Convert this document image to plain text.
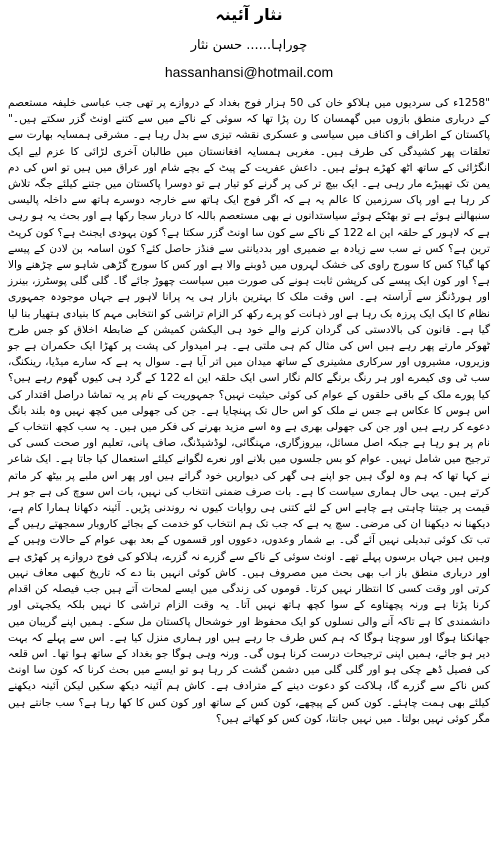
نثار آئینہ
چوراہا...... حسن نثار
hassanhansi@hotmail.com

"1258ء کی سردیوں میں ہلاکو خان کی 50 ہزار فوج بغداد کے دروازے پر تھی جب عباسی خلیفہ مستعصم کے درباری منطق بازوں میں گھمسان کا رن پڑا تھا کہ سوئی کے ناکے میں سے کتنے اونٹ گزر سکتے ہیں۔" پاکستان کے اطراف و اکناف میں سیاسی و عسکری نقشہ تیزی سے بدل رہا ہے۔ مشرقی ہمسایہ بھارت سے تعلقات پھر کشیدگی کی طرف ہیں۔ مغربی ہمسایہ افغانستان میں طالبان آخری لڑائی کا عزم لیے ایک انگڑائی کے ساتھ اٹھ کھڑے ہوئے ہیں۔ داعش عفریت کے پیٹ کے بچے شام اور عراق میں ہیں تو اس کی دم یمن تک تھپیڑے مار رہی ہے۔ ایک بیچ تر کی پر گرنے کو تیار ہے تو دوسرا پاکستان میں جتنے کیلئے جگہ تلاش کر رہا ہے اور پاک سرزمین کا عالم یہ ہے کہ اگر فوج ایک ہاتھ سے خارجہ دوسرے ہاتھ سے داخلہ پالیسی سنبھالنے ہوئے ہے تو بھٹکے ہوئے سیاستدانوں نے بھی مستعصم باللہ کا دربار سجا رکھا ہے اور بحث یہ ہو رہی ہے کہ لاہور کے حلقہ این اے 122 کے ناکے سے کون سا اونٹ گزر سکتا ہے؟ کون یہودی ایجنٹ ہے؟ کون کرپٹ ترین ہے؟ کس نے سب سے زیادہ بے ضمیری اور بددیانتی سے فنڈز حاصل کئے؟ کون اسامہ بن لادن کے پیسے کھا گیا؟ کس کا سورج راوی کی خشک لہروں میں ڈوبنے والا ہے اور کس کا سورج گڑھی شاہو سے چڑھنے والا ہے؟ اور کون ایک پیسے کی کرپشن ثابت ہونے کی صورت میں سیاست چھوڑ جائے گا۔ گلی گلی پوسٹرز، بینرز اور ہورڈنگز سے آراستہ ہے۔ اس وقت ملک کا بہترین بازار ہی یہ پرانا لاہور ہے جہاں موجودہ جمہوری نظام کا ایک ایک پرزہ بک رہا ہے اور ذہانت کو پرے رکھ کر الزام تراشی کو انتخابی مہم کا بنیادی ہتھیار بنا لیا گیا ہے۔ قانون کی بالادستی کی گردان کرنے والے خود ہی الیکشن کمیشن کے ضابطۂ اخلاق کو جس طرح ٹھوکر مارتے پھر رہے ہیں اس کی مثال کم ہی ملتی ہے۔ ہر امیدوار کی پشت پر کھڑا ایک حکمران ہے جو وزیروں، مشیروں اور سرکاری مشینری کے ساتھ میدان میں اتر آیا ہے۔ سوال یہ ہے کہ سارے میڈیا، رینکنگ، سب ٹی وی کیمرے اور ہر رنگ برنگے کالم نگار اسی ایک حلقہ این اے 122 کے گرد ہی کیوں گھوم رہے ہیں؟ کیا پورے ملک کے باقی حلقوں کے عوام کی کوئی حیثیت نہیں؟ جمہوریت کے نام پر یہ تماشا دراصل اقتدار کی اس ہوس کا عکاس ہے جس نے ملک کو اس حال تک پہنچایا ہے۔ جن کی جھولی میں کچھ نہیں وہ بلند بانگ دعوے کر رہے ہیں اور جن کی جھولی بھری ہے وہ اسے مزید بھرنے کی فکر میں ہیں۔ یہ سب کچھ انتخاب کے نام پر ہو رہا ہے جبکہ اصل مسائل، بیروزگاری، مہنگائی، لوڈشیڈنگ، صاف پانی، تعلیم اور صحت کسی کی ترجیح میں شامل نہیں۔ عوام کو بس جلسوں میں بلانے اور نعرے لگوانے کیلئے استعمال کیا جاتا ہے۔ ایک شاعر نے کہا تھا کہ ہم وہ لوگ ہیں جو اپنے ہی گھر کی دیواریں خود گراتے ہیں اور پھر اس ملبے پر بیٹھ کر ماتم کرتے ہیں۔ یہی حال ہماری سیاست کا ہے۔ بات صرف ضمنی انتخاب کی نہیں، بات اس سوچ کی ہے جو ہر قیمت پر جیتنا چاہتی ہے چاہے اس کے لئے کتنی ہی روایات کیوں نہ روندنی پڑیں۔ آئینہ دکھانا ہمارا کام ہے، دیکھنا نہ دیکھنا ان کی مرضی۔ سچ یہ ہے کہ جب تک ہم انتخاب کو خدمت کے بجائے کاروبار سمجھتے رہیں گے تب تک کوئی تبدیلی نہیں آئے گی۔ بے شمار وعدوں، دعووں اور قسموں کے بعد بھی عوام کے حالات وہیں کے وہیں ہیں جہاں برسوں پہلے تھے۔ اونٹ سوئی کے ناکے سے گزرے نہ گزرے، ہلاکو کی فوج دروازے پر کھڑی ہے اور درباری منطق باز اب بھی بحث میں مصروف ہیں۔ کاش کوئی انہیں بتا دے کہ تاریخ کبھی معاف نہیں کرتی اور وقت کسی کا انتظار نہیں کرتا۔ قوموں کی زندگی میں ایسے لمحات آتے ہیں جب فیصلہ کن اقدام کرنا پڑتا ہے ورنہ پچھتاوے کے سوا کچھ ہاتھ نہیں آتا۔ یہ وقت الزام تراشی کا نہیں بلکہ یکجہتی اور دانشمندی کا ہے تاکہ آنے والی نسلوں کو ایک محفوظ اور خوشحال پاکستان مل سکے۔ ہمیں اپنے گریبان میں جھانکنا ہوگا اور سوچنا ہوگا کہ ہم کس طرف جا رہے ہیں اور ہماری منزل کیا ہے۔ اس سے پہلے کہ بہت دیر ہو جائے، ہمیں اپنی ترجیحات درست کرنا ہوں گی۔ ورنہ وہی ہوگا جو بغداد کے ساتھ ہوا تھا۔ اس قلعہ کی فصیل ڈھے چکی ہو اور گلی گلی میں دشمن گشت کر رہا ہو تو ایسے میں بحث کرنا کہ کون سا اونٹ کس ناکے سے گزرے گا، ہلاکت کو دعوت دینے کے مترادف ہے۔ کاش ہم آئینہ دیکھ سکیں لیکن آئینہ دیکھنے کیلئے بھی ہمت چاہئے۔ کون کس کے پیچھے، کون کس کے ساتھ اور کون کس کا کھا رہا ہے؟ سب جانتے ہیں مگر کوئی نہیں بولتا۔ میں نہیں جانتا، کون کس کو کھاتے ہیں؟
